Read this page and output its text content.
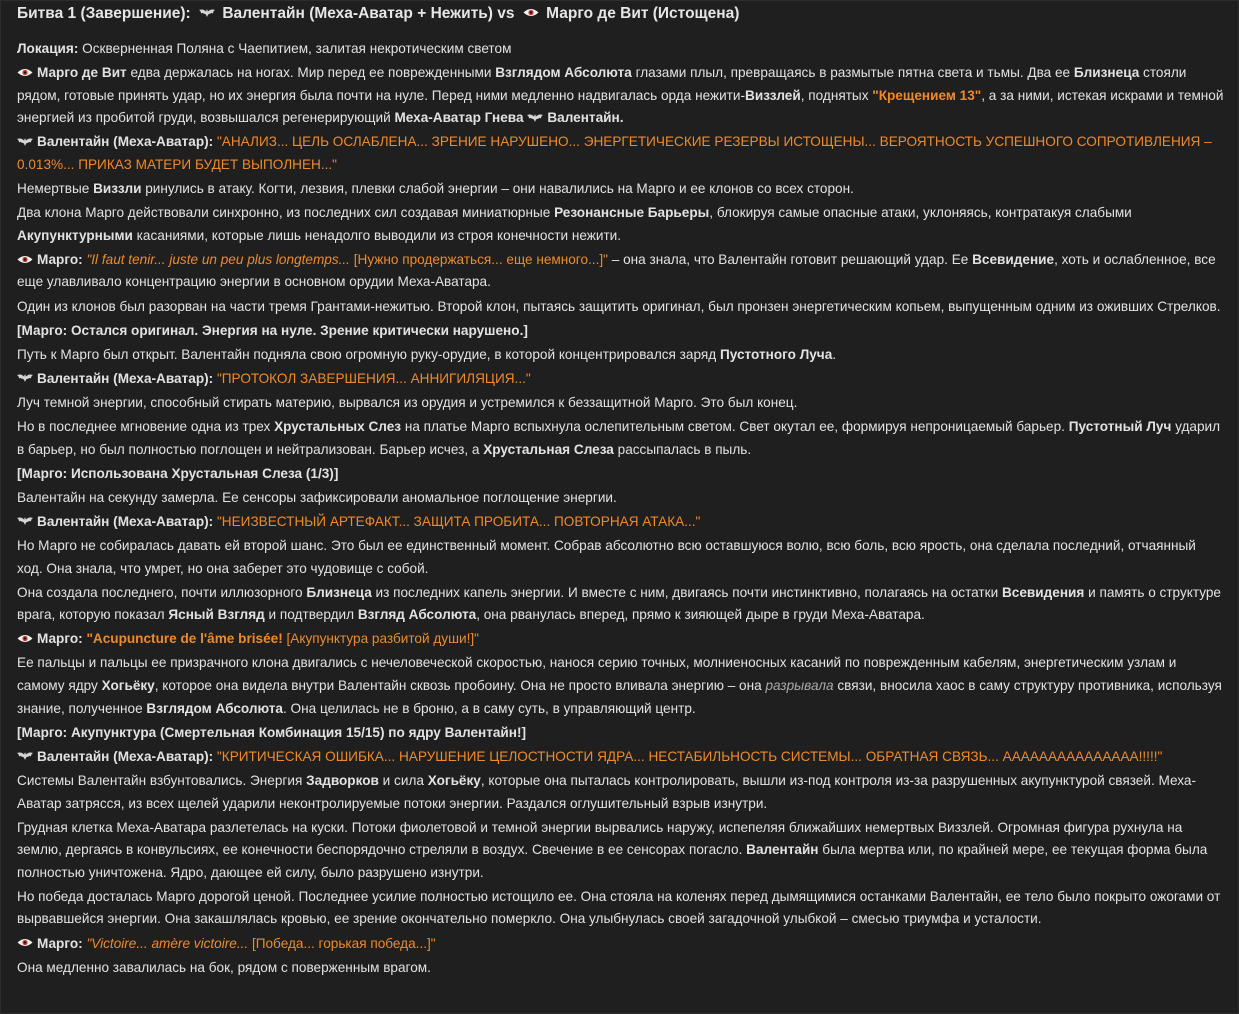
Битва 1 (Завершение): Валентайн (Меха-Аватар + Нежить) vs Марго де Вит (Истощена)
Локация: Оскверненная Поляна с Чаепитием, залитая некротическим светом
Марго де Вит едва держалась на ногах. Мир перед ее поврежденными Взглядом Абсолюта глазами плыл, превращаясь в размытые пятна света и тьмы. Два ее Близнеца стояли рядом, готовые принять удар, но их энергия была почти на нуле. Перед ними медленно надвигалась орда нежити-Виззлей, поднятых "Крещением 13", а за ними, истекая искрами и темной энергией из пробитой груди, возвышался регенерирующий Меха-Аватар Гнева Валентайн.
Валентайн (Меха-Аватар): "АНАЛИЗ... ЦЕЛЬ ОСЛАБЛЕНА... ЗРЕНИЕ НАРУШЕНО... ЭНЕРГЕТИЧЕСКИЕ РЕЗЕРВЫ ИСТОЩЕНЫ... ВЕРОЯТНОСТЬ УСПЕШНОГО СОПРОТИВЛЕНИЯ – 0.013%... ПРИКАЗ МАТЕРИ БУДЕТ ВЫПОЛНЕН..."
Немертвые Виззли ринулись в атаку. Когти, лезвия, плевки слабой энергии – они навалились на Марго и ее клонов со всех сторон.
Два клона Марго действовали синхронно, из последних сил создавая миниатюрные Резонансные Барьеры, блокируя самые опасные атаки, уклоняясь, контратакуя слабыми Акупунктурными касаниями, которые лишь ненадолго выводили из строя конечности нежити.
Марго: "Il faut tenir... juste un peu plus longtemps... [Нужно продержаться... еще немного...]" – она знала, что Валентайн готовит решающий удар. Ее Всевидение, хоть и ослабленное, все еще улавливало концентрацию энергии в основном орудии Меха-Аватара.
Один из клонов был разорван на части тремя Грантами-нежитью. Второй клон, пытаясь защитить оригинал, был пронзен энергетическим копьем, выпущенным одним из оживших Стрелков.
[Марго: Остался оригинал. Энергия на нуле. Зрение критически нарушено.]
Путь к Марго был открыт. Валентайн подняла свою огромную руку-орудие, в которой концентрировался заряд Пустотного Луча.
Валентайн (Меха-Аватар): "ПРОТОКОЛ ЗАВЕРШЕНИЯ... АННИГИЛЯЦИЯ..."
Луч темной энергии, способный стирать материю, вырвался из орудия и устремился к беззащитной Марго. Это был конец.
Но в последнее мгновение одна из трех Хрустальных Слез на платье Марго вспыхнула ослепительным светом. Свет окутал ее, формируя непроницаемый барьер. Пустотный Луч ударил в барьер, но был полностью поглощен и нейтрализован. Барьер исчез, а Хрустальная Слеза рассыпалась в пыль.
[Марго: Использована Хрустальная Слеза (1/3)]
Валентайн на секунду замерла. Ее сенсоры зафиксировали аномальное поглощение энергии.
Валентайн (Меха-Аватар): "НЕИЗВЕСТНЫЙ АРТЕФАКТ... ЗАЩИТА ПРОБИТА... ПОВТОРНАЯ АТАКА..."
Но Марго не собиралась давать ей второй шанс. Это был ее единственный момент. Собрав абсолютно всю оставшуюся волю, всю боль, всю ярость, она сделала последний, отчаянный ход. Она знала, что умрет, но она заберет это чудовище с собой.
Она создала последнего, почти иллюзорного Близнеца из последних капель энергии. И вместе с ним, двигаясь почти инстинктивно, полагаясь на остатки Всевидения и память о структуре врага, которую показал Ясный Взгляд и подтвердил Взгляд Абсолюта, она рванулась вперед, прямо к зияющей дыре в груди Меха-Аватара.
Марго: "Acupuncture de l'âme brisée! [Акупунктура разбитой души!]"
Ее пальцы и пальцы ее призрачного клона двигались с нечеловеческой скоростью, нанося серию точных, молниеносных касаний по поврежденным кабелям, энергетическим узлам и самому ядру Хогьёку, которое она видела внутри Валентайн сквозь пробоину. Она не просто вливала энергию – она разрывала связи, вносила хаос в саму структуру противника, используя знание, полученное Взглядом Абсолюта. Она целилась не в броню, а в саму суть, в управляющий центр.
[Марго: Акупунктура (Смертельная Комбинация 15/15) по ядру Валентайн!]
Валентайн (Меха-Аватар): "КРИТИЧЕСКАЯ ОШИБКА... НАРУШЕНИЕ ЦЕЛОСТНОСТИ ЯДРА... НЕСТАБИЛЬНОСТЬ СИСТЕМЫ... ОБРАТНАЯ СВЯЗЬ... ААААААААААААААА!!!!!"
Системы Валентайн взбунтовались. Энергия Задворков и сила Хогьёку, которые она пыталась контролировать, вышли из-под контроля из-за разрушенных акупунктурой связей. Меха-Аватар затрясся, из всех щелей ударили неконтролируемые потоки энергии. Раздался оглушительный взрыв изнутри.
Грудная клетка Меха-Аватара разлетелась на куски. Потоки фиолетовой и темной энергии вырвались наружу, испепеляя ближайших немертвых Виззлей. Огромная фигура рухнула на землю, дергаясь в конвульсиях, ее конечности беспорядочно стреляли в воздух. Свечение в ее сенсорах погасло. Валентайн была мертва или, по крайней мере, ее текущая форма была полностью уничтожена. Ядро, дающее ей силу, было разрушено изнутри.
Но победа досталась Марго дорогой ценой. Последнее усилие полностью истощило ее. Она стояла на коленях перед дымящимися останками Валентайн, ее тело было покрыто ожогами от вырвавшейся энергии. Она закашлялась кровью, ее зрение окончательно померкло. Она улыбнулась своей загадочной улыбкой – смесью триумфа и усталости.
Марго: "Victoire... amère victoire... [Победа... горькая победа...]"
Она медленно завалилась на бок, рядом с поверженным врагом.
